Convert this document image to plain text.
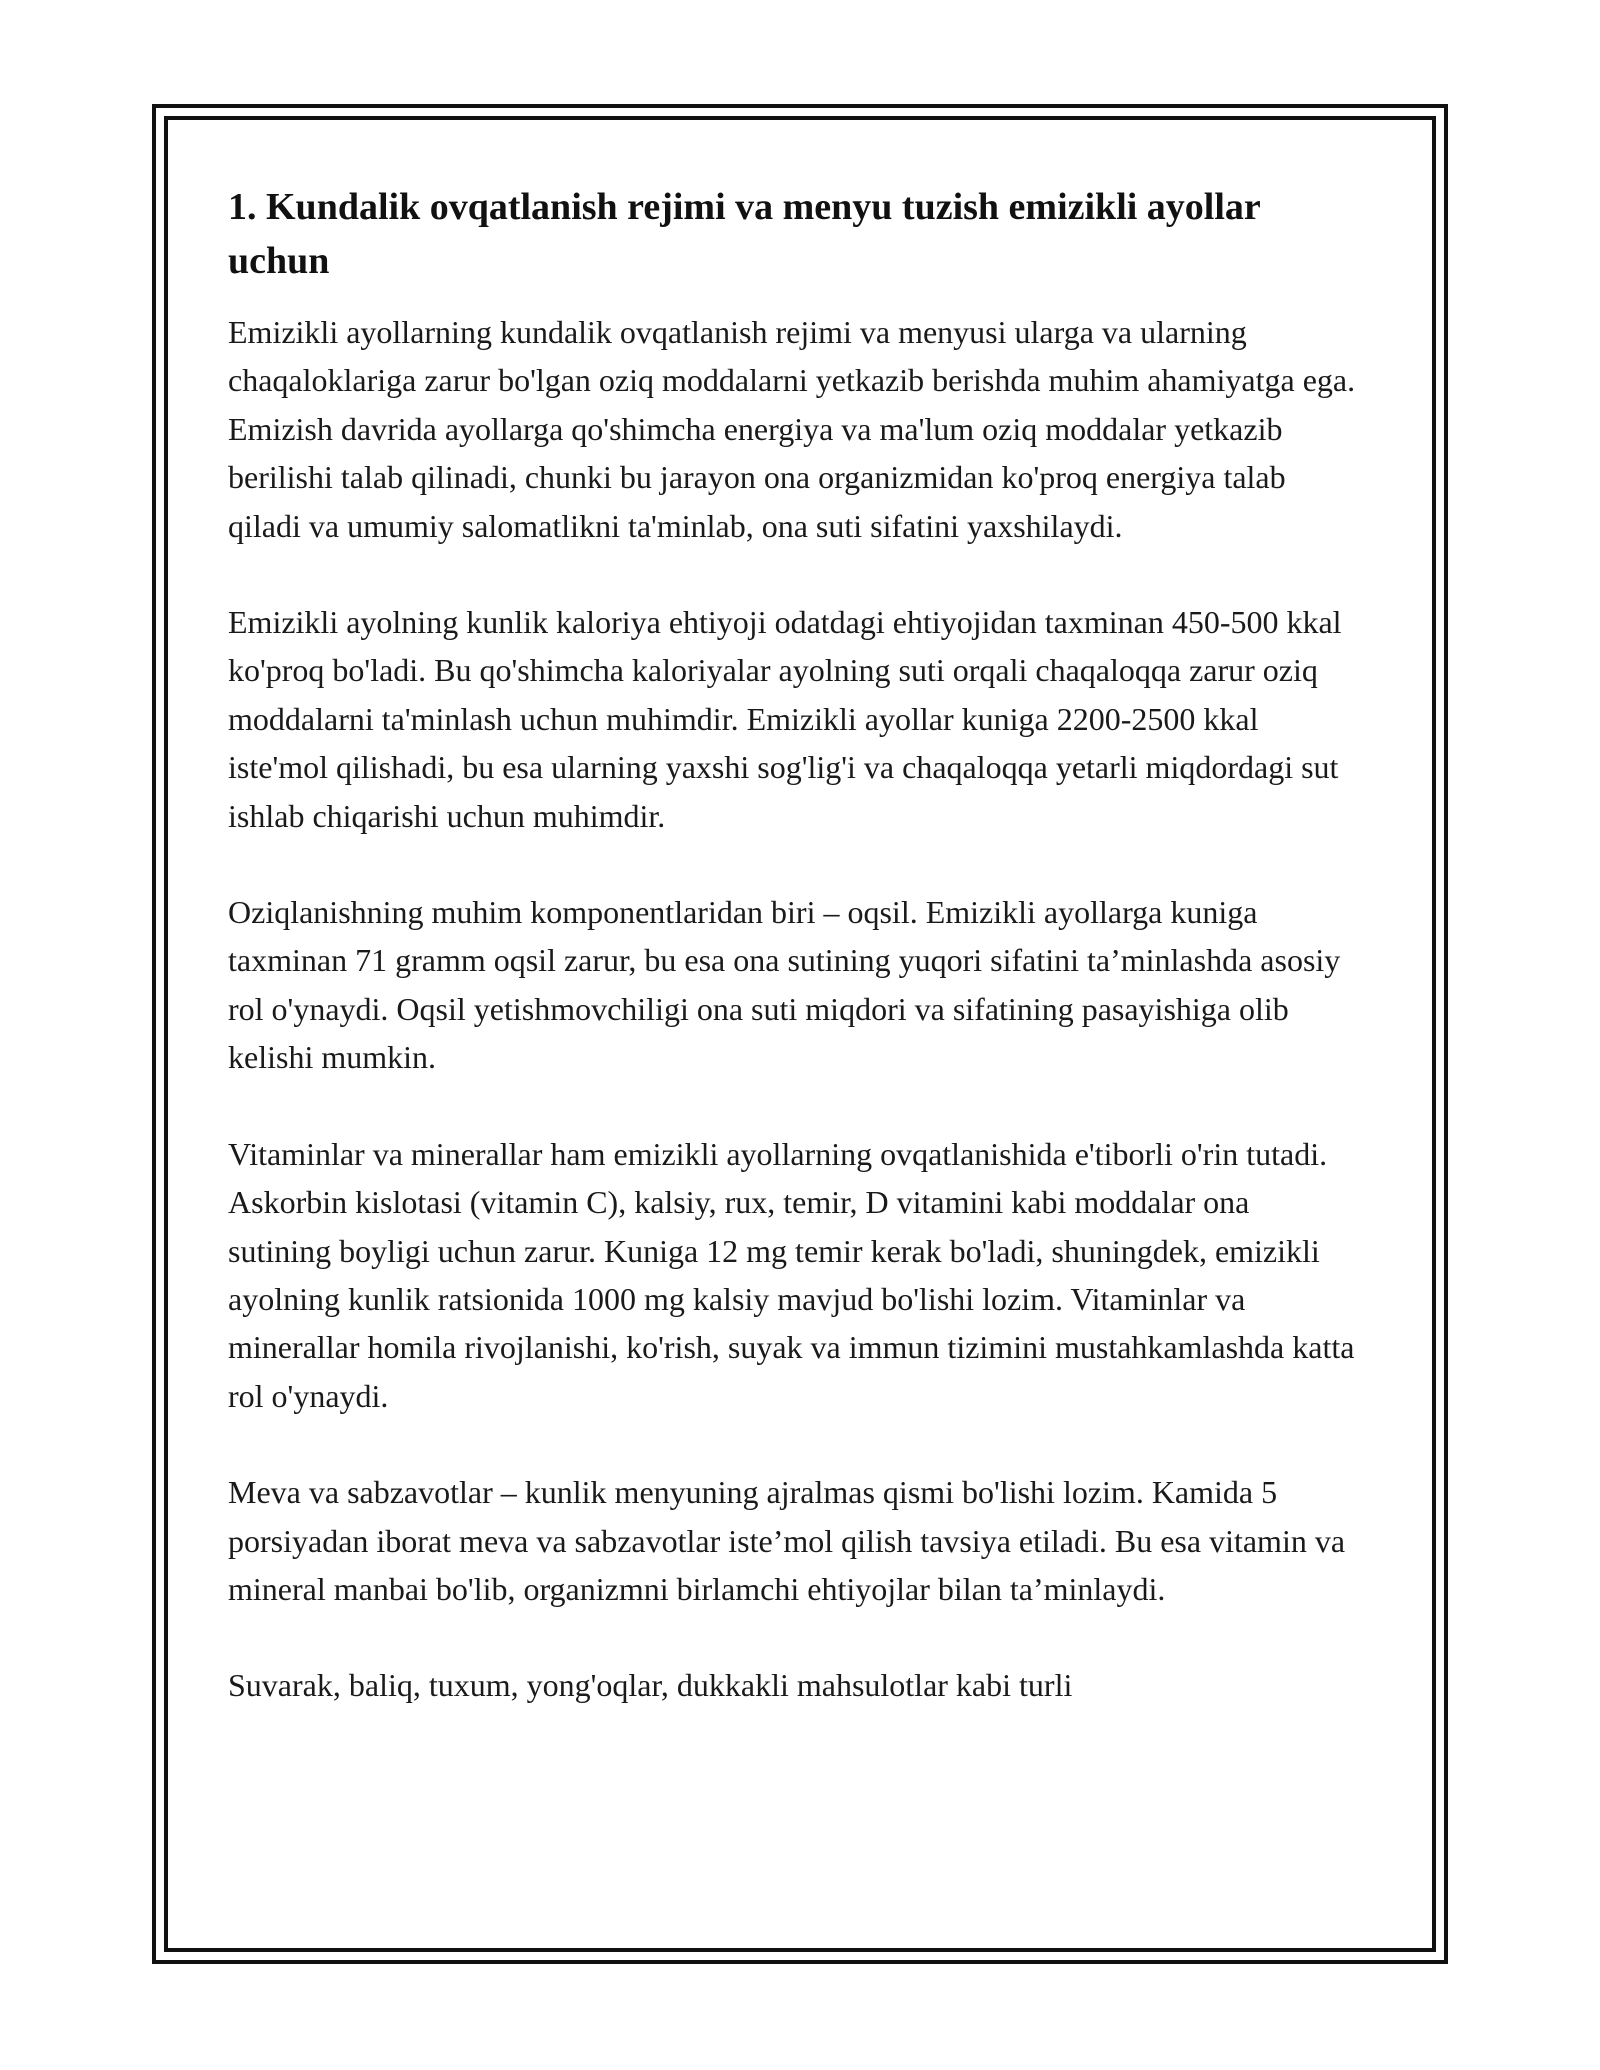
1. Kundalik ovqatlanish rejimi va menyu tuzish emizikli ayollar uchun

Emizikli ayollarning kundalik ovqatlanish rejimi va menyusi ularga va ularning chaqaloklariga zarur bo'lgan oziq moddalarni yetkazib berishda muhim ahamiyatga ega. Emizish davrida ayollarga qo'shimcha energiya va ma'lum oziq moddalar yetkazib berilishi talab qilinadi, chunki bu jarayon ona organizmidan ko'proq energiya talab qiladi va umumiy salomatlikni ta'minlab, ona suti sifatini yaxshilaydi.

Emizikli ayolning kunlik kaloriya ehtiyoji odatdagi ehtiyojidan taxminan 450-500 kkal ko'proq bo'ladi. Bu qo'shimcha kaloriyalar ayolning suti orqali chaqaloqqa zarur oziq moddalarni ta'minlash uchun muhimdir. Emizikli ayollar kuniga 2200-2500 kkal iste'mol qilishadi, bu esa ularning yaxshi sog'lig'i va chaqaloqqa yetarli miqdordagi sut ishlab chiqarishi uchun muhimdir.

Oziqlanishning muhim komponentlaridan biri – oqsil. Emizikli ayollarga kuniga taxminan 71 gramm oqsil zarur, bu esa ona sutining yuqori sifatini ta’minlashda asosiy rol o'ynaydi. Oqsil yetishmovchiligi ona suti miqdori va sifatining pasayishiga olib kelishi mumkin.

Vitaminlar va minerallar ham emizikli ayollarning ovqatlanishida e'tiborli o'rin tutadi. Askorbin kislotasi (vitamin C), kalsiy, rux, temir, D vitamini kabi moddalar ona sutining boyligi uchun zarur. Kuniga 12 mg temir kerak bo'ladi, shuningdek, emizikli ayolning kunlik ratsionida 1000 mg kalsiy mavjud bo'lishi lozim. Vitaminlar va minerallar homila rivojlanishi, ko'rish, suyak va immun tizimini mustahkamlashda katta rol o'ynaydi.

Meva va sabzavotlar – kunlik menyuning ajralmas qismi bo'lishi lozim. Kamida 5 porsiyadan iborat meva va sabzavotlar iste’mol qilish tavsiya etiladi. Bu esa vitamin va mineral manbai bo'lib, organizmni birlamchi ehtiyojlar bilan ta’minlaydi.

Suvarak, baliq, tuxum, yong'oqlar, dukkakli mahsulotlar kabi turli
